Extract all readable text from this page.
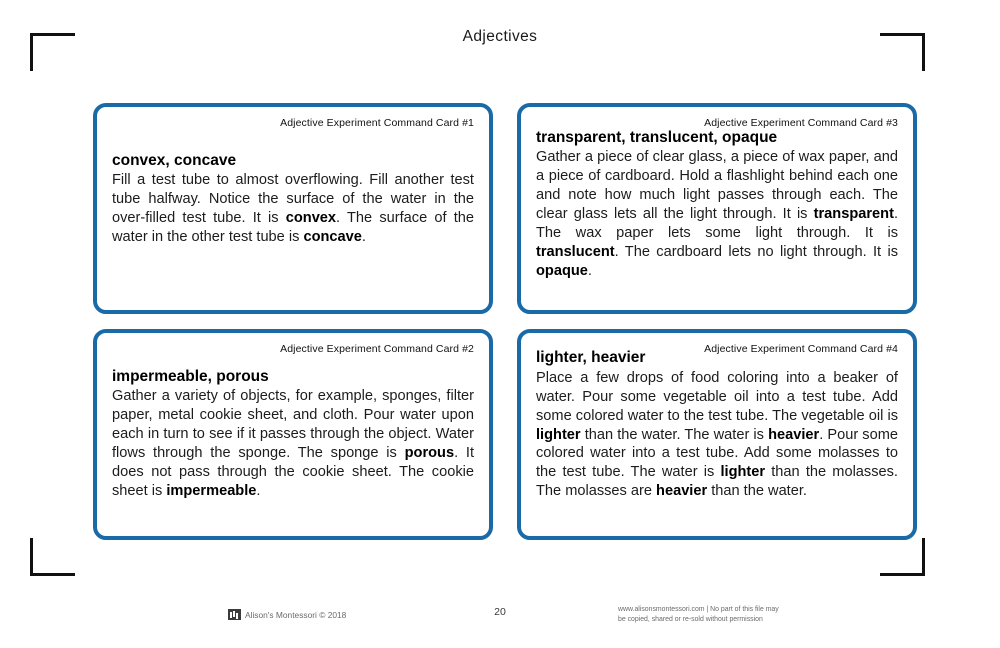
Adjectives
Adjective Experiment Command Card #1
convex, concave

Fill a test tube to almost overflowing. Fill another test tube halfway. Notice the surface of the water in the over-filled test tube. It is convex. The surface of the water in the other test tube is concave.

Adjective Experiment Command Card #3
transparent, translucent, opaque

Gather a piece of clear glass, a piece of wax paper, and a piece of cardboard. Hold a flashlight behind each one and note how much light passes through each. The clear glass lets all the light through. It is transparent. The wax paper lets some light through. It is translucent. The cardboard lets no light through. It is opaque.

Adjective Experiment Command Card #2
impermeable, porous

Gather a variety of objects, for example, sponges, filter paper, metal cookie sheet, and cloth. Pour water upon each in turn to see if it passes through the object. Water flows through the sponge. The sponge is porous. It does not pass through the cookie sheet. The cookie sheet is impermeable.

Adjective Experiment Command Card #4
lighter, heavier

Place a few drops of food coloring into a beaker of water. Pour some vegetable oil into a test tube. Add some colored water to the test tube. The vegetable oil is lighter than the water. The water is heavier. Pour some colored water into a test tube. Add some molasses to the test tube. The water is lighter than the molasses. The molasses are heavier than the water.

Alison's Montessori © 2018	20	www.alisonsmontessori.com | No part of this file may
be copied, shared or re-sold without permission
